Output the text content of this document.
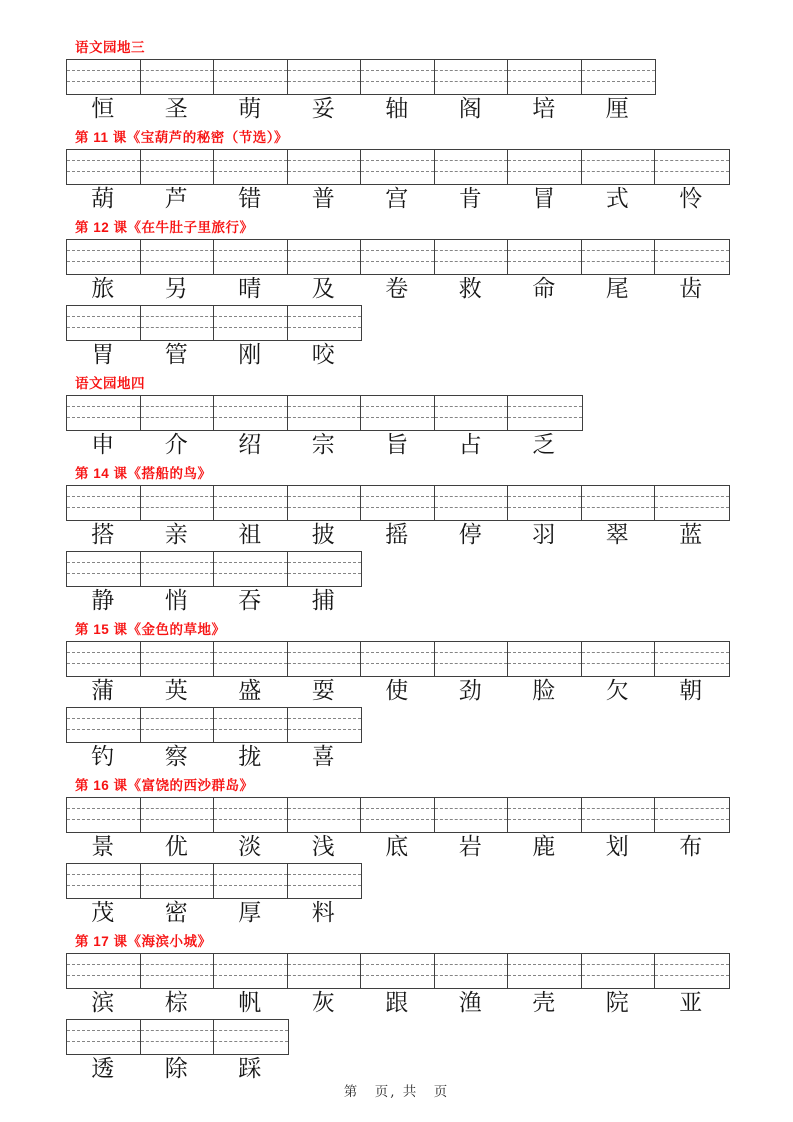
语文园地三
恒	圣	萌	妥	轴	阁	培	厘
第 11 课《宝葫芦的秘密（节选）》
葫	芦	错	普	宫	肯	冒	式	怜
第 12 课《在牛肚子里旅行》
旅	另	晴	及	卷	救	命	尾	齿
胃	管	刚	咬
语文园地四
申	介	绍	宗	旨	占	乏
第 14 课《搭船的鸟》
搭	亲	祖	披	摇	停	羽	翠	蓝
静	悄	吞	捕
第 15 课《金色的草地》
蒲	英	盛	耍	使	劲	脸	欠	朝
钓	察	拢	喜
第 16 课《富饶的西沙群岛》
景	优	淡	浅	底	岩	鹿	划	布
茂	密	厚	料
第 17 课《海滨小城》
滨	棕	帆	灰	跟	渔	壳	院	亚
透	除	踩
第　页, 共　页
